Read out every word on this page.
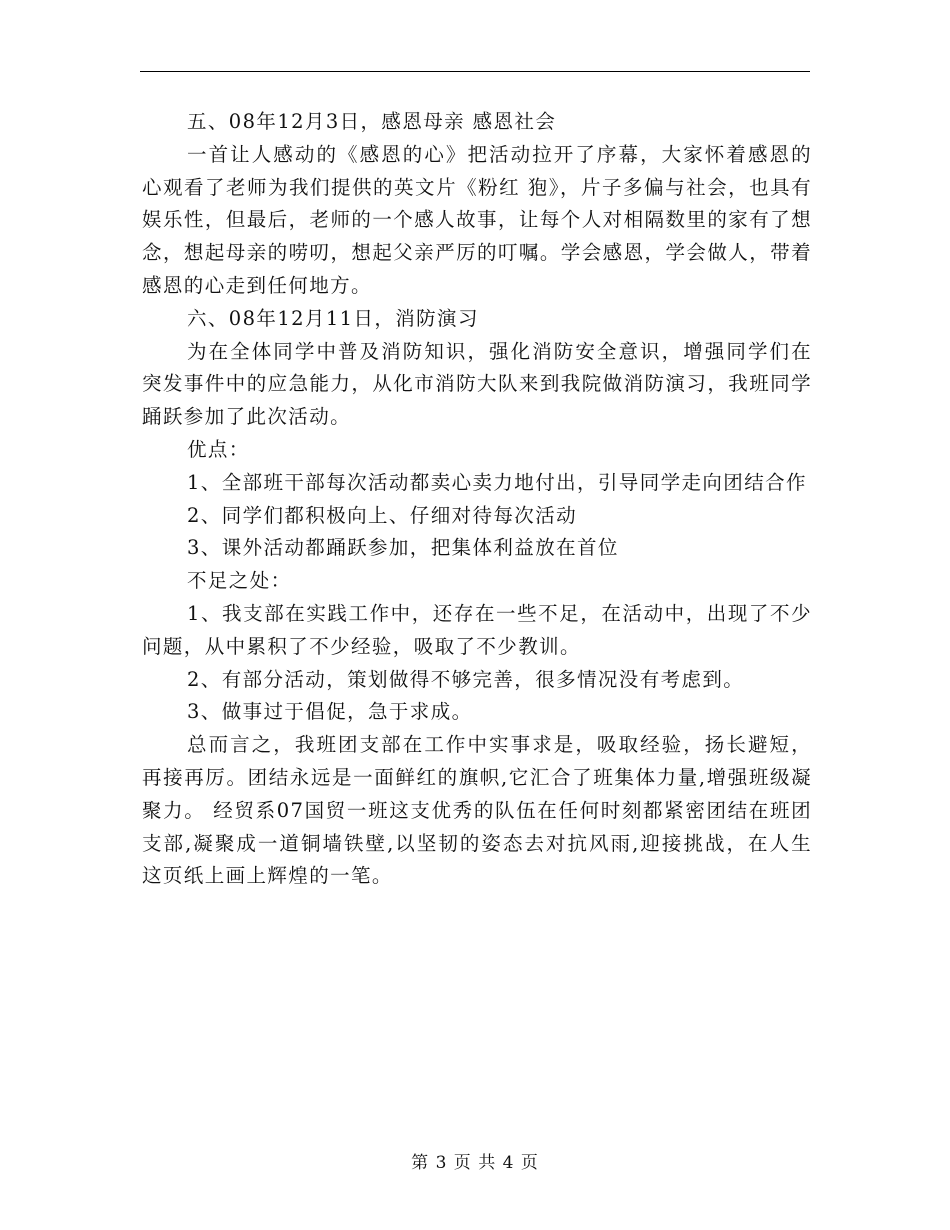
五、08年12月3日，感恩母亲 感恩社会

一首让人感动的《感恩的心》把活动拉开了序幕，大家怀着感恩的心观看了老师为我们提供的英文片《粉红 狍》，片子多偏与社会，也具有娱乐性，但最后，老师的一个感人故事，让每个人对相隔数里的家有了想念，想起母亲的唠叨，想起父亲严厉的叮嘱。学会感恩，学会做人，带着感恩的心走到任何地方。

六、08年12月11日，消防演习

为在全体同学中普及消防知识，强化消防安全意识，增强同学们在突发事件中的应急能力，从化市消防大队来到我院做消防演习，我班同学踊跃参加了此次活动。

优点：

1、全部班干部每次活动都卖心卖力地付出，引导同学走向团结合作

2、同学们都积极向上、仔细对待每次活动

3、课外活动都踊跃参加，把集体利益放在首位

不足之处：

1、我支部在实践工作中，还存在一些不足，在活动中，出现了不少问题，从中累积了不少经验，吸取了不少教训。

2、有部分活动，策划做得不够完善，很多情况没有考虑到。

3、做事过于倡促，急于求成。

总而言之，我班团支部在工作中实事求是，吸取经验，扬长避短，再接再厉。团结永远是一面鲜红的旗帜,它汇合了班集体力量,增强班级凝聚力。 经贸系07国贸一班这支优秀的队伍在任何时刻都紧密团结在班团支部,凝聚成一道铜墙铁壁,以坚韧的姿态去对抗风雨,迎接挑战，在人生这页纸上画上辉煌的一笔。

第 3 页 共 4 页
